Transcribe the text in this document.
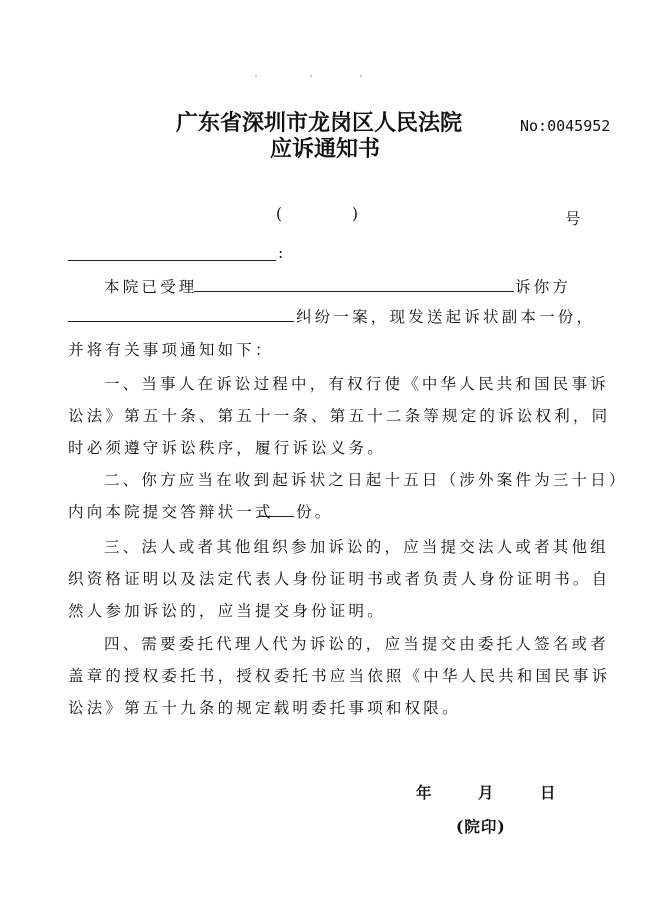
广东省深圳市龙岗区人民法院
应诉通知书
No:0045952
(	)	号
:
本院已受理	诉你方
纠纷一案，现发送起诉状副本一份，
并将有关事项通知如下：
一、当事人在诉讼过程中，有权行使《中华人民共和国民事诉
讼法》第五十条、第五十一条、第五十二条等规定的诉讼权利，同
时必须遵守诉讼秩序，履行诉讼义务。
二、你方应当在收到起诉状之日起十五日（涉外案件为三十日）
内向本院提交答辩状一式 份。
三、法人或者其他组织参加诉讼的，应当提交法人或者其他组
织资格证明以及法定代表人身份证明书或者负责人身份证明书。自
然人参加诉讼的，应当提交身份证明。
四、需要委托代理人代为诉讼的，应当提交由委托人签名或者
盖章的授权委托书，授权委托书应当依照《中华人民共和国民事诉
讼法》第五十九条的规定载明委托事项和权限。
年	月	日
(院印)
